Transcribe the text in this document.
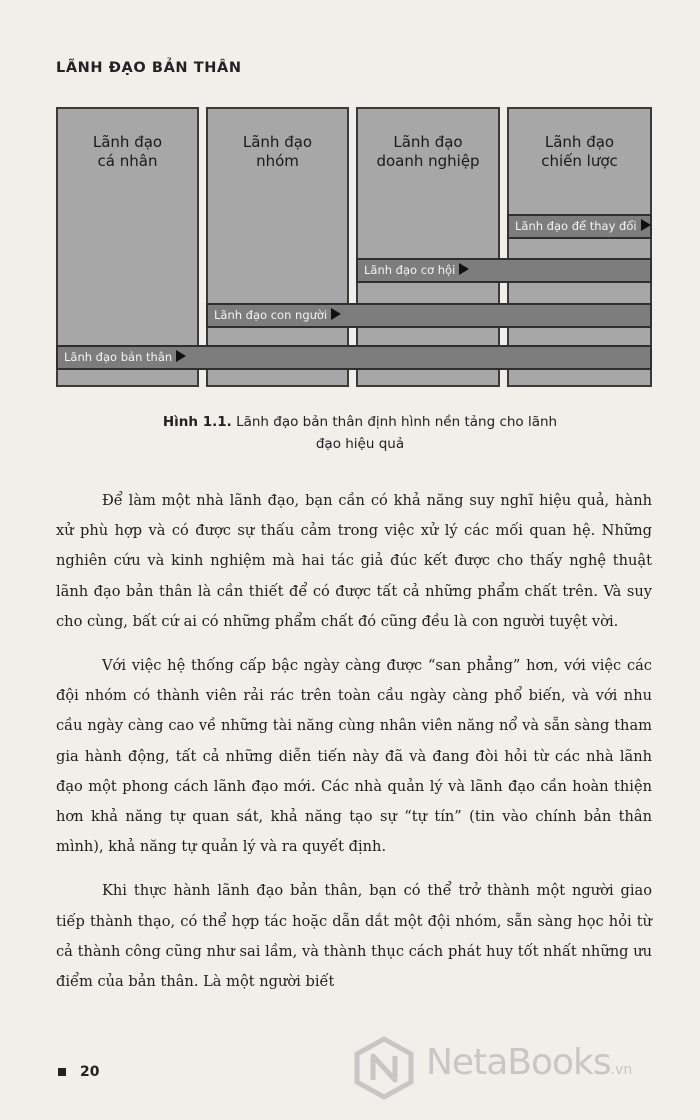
LÃNH ĐẠO BẢN THÂN
Lãnh đạo
cá nhân
Lãnh đạo
nhóm
Lãnh đạo
doanh nghiệp
Lãnh đạo
chiến lược
Lãnh đạo để thay đổi
Lãnh đạo cơ hội
Lãnh đạo con người
Lãnh đạo bản thân
Hình 1.1. Lãnh đạo bản thân định hình nền tảng cho lãnh đạo hiệu quả

Để làm một nhà lãnh đạo, bạn cần có khả năng suy nghĩ hiệu quả, hành xử phù hợp và có được sự thấu cảm trong việc xử lý các mối quan hệ. Những nghiên cứu và kinh nghiệm mà hai tác giả đúc kết được cho thấy nghệ thuật lãnh đạo bản thân là cần thiết để có được tất cả những phẩm chất trên. Và suy cho cùng, bất cứ ai có những phẩm chất đó cũng đều là con người tuyệt vời.

Với việc hệ thống cấp bậc ngày càng được “san phẳng” hơn, với việc các đội nhóm có thành viên rải rác trên toàn cầu ngày càng phổ biến, và với nhu cầu ngày càng cao về những tài năng cùng nhân viên năng nổ và sẵn sàng tham gia hành động, tất cả những diễn tiến này đã và đang đòi hỏi từ các nhà lãnh đạo một phong cách lãnh đạo mới. Các nhà quản lý và lãnh đạo cần hoàn thiện hơn khả năng tự quan sát, khả năng tạo sự “tự tín” (tin vào chính bản thân mình), khả năng tự quản lý và ra quyết định.

Khi thực hành lãnh đạo bản thân, bạn có thể trở thành một người giao tiếp thành thạo, có thể hợp tác hoặc dẫn dắt một đội nhóm, sẵn sàng học hỏi từ cả thành công cũng như sai lầm, và thành thục cách phát huy tốt nhất những ưu điểm của bản thân. Là một người biết

20	NetaBooks.vn
